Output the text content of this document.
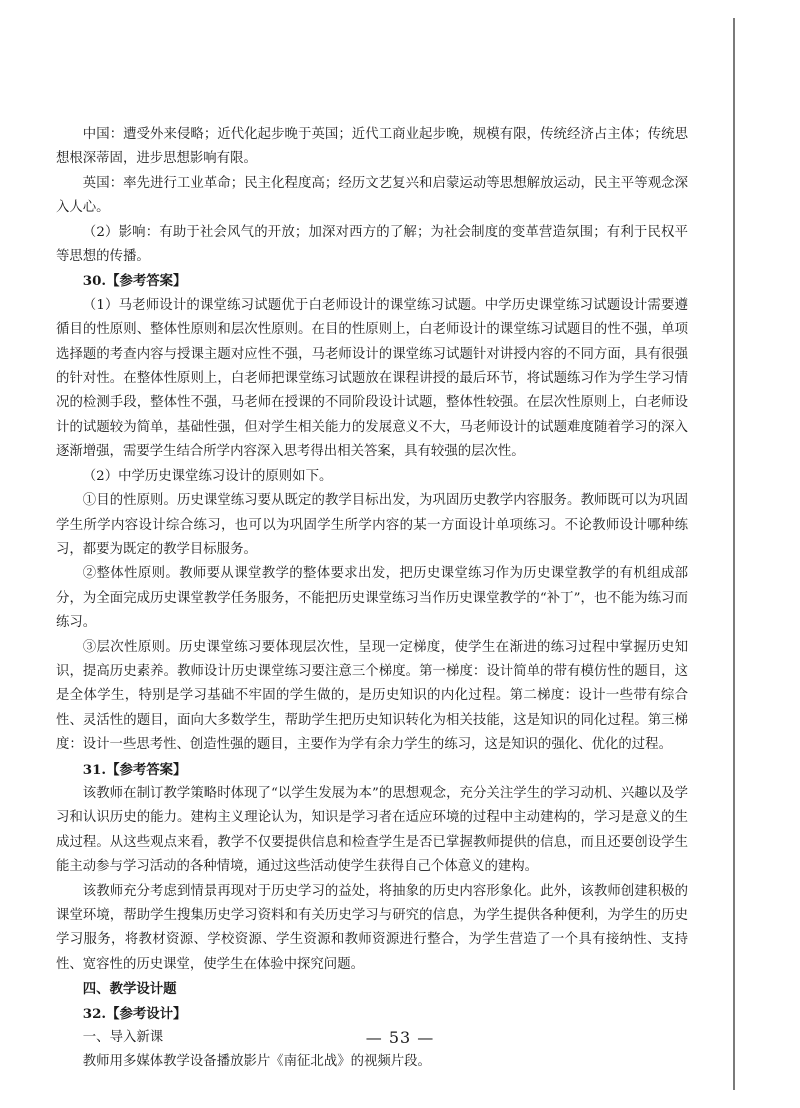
中国：遭受外来侵略；近代化起步晚于英国；近代工商业起步晚，规模有限，传统经济占主体；传统思想根深蒂固，进步思想影响有限。

英国：率先进行工业革命；民主化程度高；经历文艺复兴和启蒙运动等思想解放运动，民主平等观念深入人心。

（2）影响：有助于社会风气的开放；加深对西方的了解；为社会制度的变革营造氛围；有利于民权平等思想的传播。

30.【参考答案】

（1）马老师设计的课堂练习试题优于白老师设计的课堂练习试题。中学历史课堂练习试题设计需要遵循目的性原则、整体性原则和层次性原则。在目的性原则上，白老师设计的课堂练习试题目的性不强，单项选择题的考查内容与授课主题对应性不强，马老师设计的课堂练习试题针对讲授内容的不同方面，具有很强的针对性。在整体性原则上，白老师把课堂练习试题放在课程讲授的最后环节，将试题练习作为学生学习情况的检测手段，整体性不强，马老师在授课的不同阶段设计试题，整体性较强。在层次性原则上，白老师设计的试题较为简单，基础性强，但对学生相关能力的发展意义不大，马老师设计的试题难度随着学习的深入逐渐增强，需要学生结合所学内容深入思考得出相关答案，具有较强的层次性。

（2）中学历史课堂练习设计的原则如下。

①目的性原则。历史课堂练习要从既定的教学目标出发，为巩固历史教学内容服务。教师既可以为巩固学生所学内容设计综合练习，也可以为巩固学生所学内容的某一方面设计单项练习。不论教师设计哪种练习，都要为既定的教学目标服务。

②整体性原则。教师要从课堂教学的整体要求出发，把历史课堂练习作为历史课堂教学的有机组成部分，为全面完成历史课堂教学任务服务，不能把历史课堂练习当作历史课堂教学的“补丁”，也不能为练习而练习。

③层次性原则。历史课堂练习要体现层次性，呈现一定梯度，使学生在渐进的练习过程中掌握历史知识，提高历史素养。教师设计历史课堂练习要注意三个梯度。第一梯度：设计简单的带有模仿性的题目，这是全体学生，特别是学习基础不牢固的学生做的，是历史知识的内化过程。第二梯度：设计一些带有综合性、灵活性的题目，面向大多数学生，帮助学生把历史知识转化为相关技能，这是知识的同化过程。第三梯度：设计一些思考性、创造性强的题目，主要作为学有余力学生的练习，这是知识的强化、优化的过程。

31.【参考答案】

该教师在制订教学策略时体现了“以学生发展为本”的思想观念，充分关注学生的学习动机、兴趣以及学习和认识历史的能力。建构主义理论认为，知识是学习者在适应环境的过程中主动建构的，学习是意义的生成过程。从这些观点来看，教学不仅要提供信息和检查学生是否已掌握教师提供的信息，而且还要创设学生能主动参与学习活动的各种情境，通过这些活动使学生获得自己个体意义的建构。

该教师充分考虑到情景再现对于历史学习的益处，将抽象的历史内容形象化。此外，该教师创建积极的课堂环境，帮助学生搜集历史学习资料和有关历史学习与研究的信息，为学生提供各种便利，为学生的历史学习服务，将教材资源、学校资源、学生资源和教师资源进行整合，为学生营造了一个具有接纳性、支持性、宽容性的历史课堂，使学生在体验中探究问题。

四、教学设计题

32.【参考设计】

一、导入新课

教师用多媒体教学设备播放影片《南征北战》的视频片段。

— 53 —
